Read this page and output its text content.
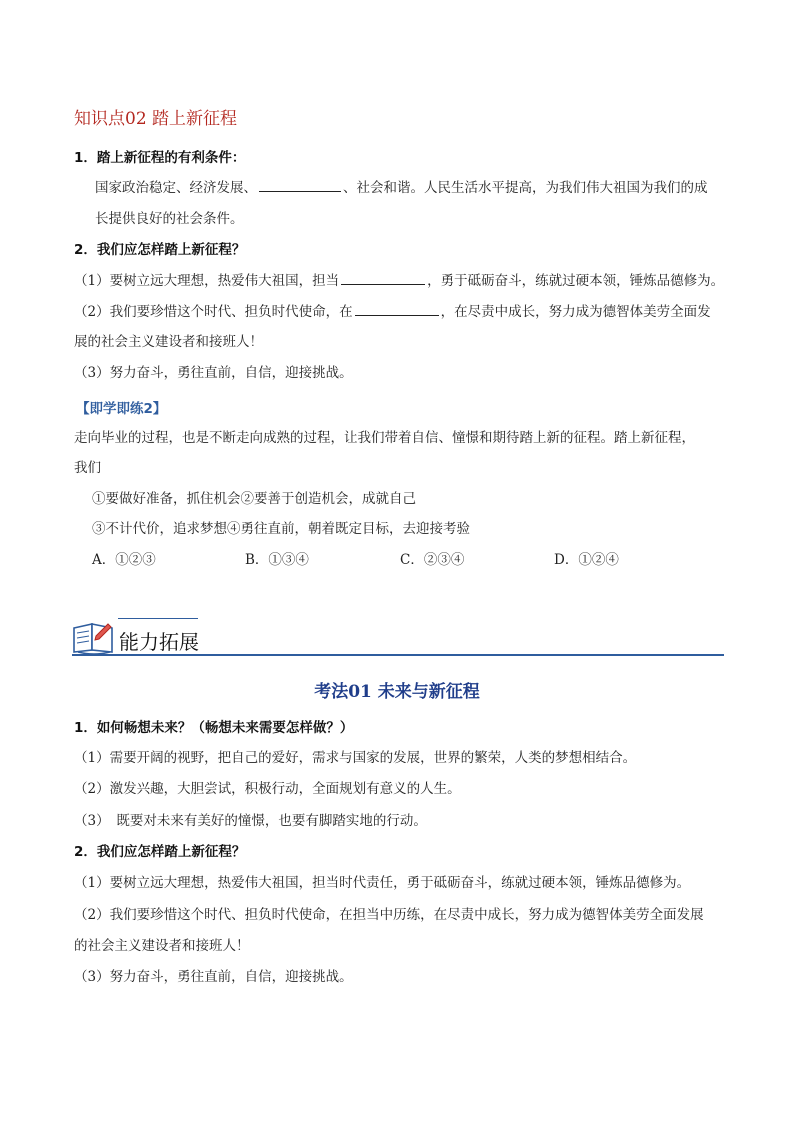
知识点02 踏上新征程
1．踏上新征程的有利条件：
国家政治稳定、经济发展、	、社会和谐。人民生活水平提高，为我们伟大祖国为我们的成
长提供良好的社会条件。
2．我们应怎样踏上新征程？
（1）要树立远大理想，热爱伟大祖国，担当	，勇于砥砺奋斗，练就过硬本领，锤炼品德修为。
（2）我们要珍惜这个时代、担负时代使命，在	，在尽责中成长，努力成为德智体美劳全面发
展的社会主义建设者和接班人！
（3）努力奋斗，勇往直前，自信，迎接挑战。
【即学即练2】
走向毕业的过程，也是不断走向成熟的过程，让我们带着自信、憧憬和期待踏上新的征程。踏上新征程，
我们
①要做好准备，抓住机会②要善于创造机会，成就自己
③不计代价，追求梦想④勇往直前，朝着既定目标，去迎接考验
A．①②③	B．①③④	C．②③④	D．①②④
能力拓展
考法01 未来与新征程
1．如何畅想未来？（畅想未来需要怎样做？）
（1）需要开阔的视野，把自己的爱好，需求与国家的发展，世界的繁荣，人类的梦想相结合。
（2）激发兴趣，大胆尝试，积极行动，全面规划有意义的人生。
（3）　既要对未来有美好的憧憬，也要有脚踏实地的行动。
2．我们应怎样踏上新征程？
（1）要树立远大理想，热爱伟大祖国，担当时代责任，勇于砥砺奋斗，练就过硬本领，锤炼品德修为。
（2）我们要珍惜这个时代、担负时代使命，在担当中历练，在尽责中成长，努力成为德智体美劳全面发展
的社会主义建设者和接班人！
（3）努力奋斗，勇往直前，自信，迎接挑战。
